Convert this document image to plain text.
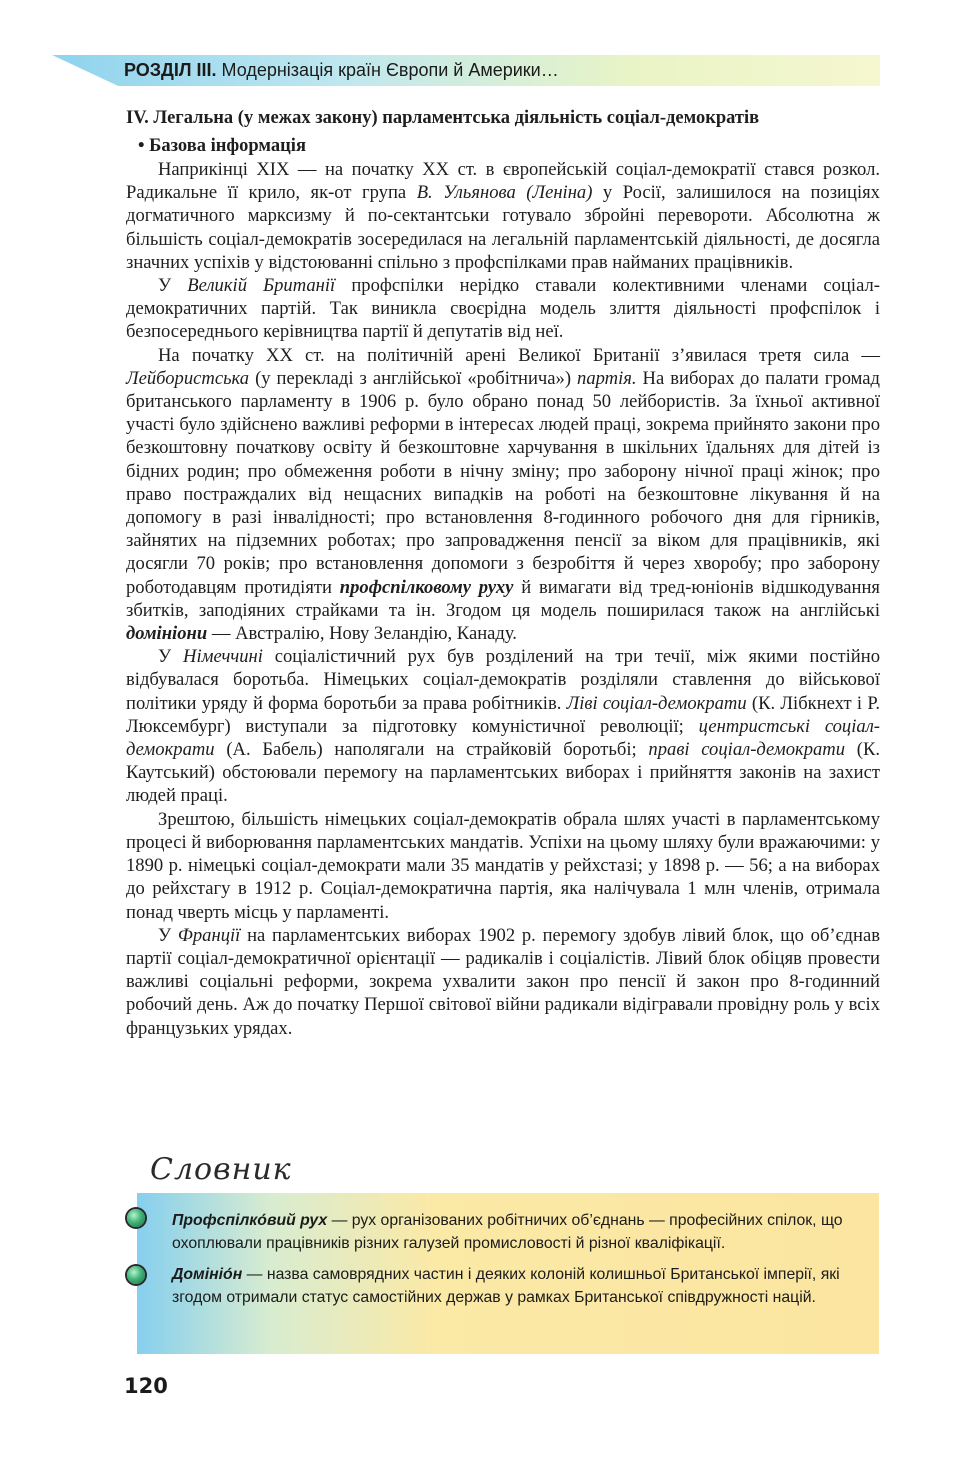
РОЗДІЛ ІІІ. Модернізація країн Європи й Америки…

IV. Легальна (у межах закону) парламентська діяльність соціал-демократів

• Базова інформація

Наприкінці XIX — на початку XX ст. в європейській соціал-демократії стався розкол. Радикальне її крило, як-от група В. Ульянова (Леніна) у Росії, залишилося на позиціях догматичного марксизму й по-сектантськи готувало збройні перевороти. Абсолютна ж більшість соціал-демократів зосередилася на легальній парламентській діяльності, де досягла значних успіхів у відстоюванні спільно з профспілками прав найманих працівників.

У Великій Британії профспілки нерідко ставали колективними членами соціал-демократичних партій. Так виникла своєрідна модель злиття діяльності профспілок і безпосереднього керівництва партії й депутатів від неї.

На початку XX ст. на політичній арені Великої Британії з’явилася третя сила — Лейбористська (у перекладі з англійської «робітнича») партія. На виборах до палати громад британського парламенту в 1906 р. було обрано понад 50 лейбористів. За їхньої активної участі було здійснено важливі реформи в інтересах людей праці, зокрема прийнято закони про безкоштовну початкову освіту й безкоштовне харчування в шкільних їдальнях для дітей із бідних родин; про обмеження роботи в нічну зміну; про заборону нічної праці жінок; про право постраждалих від нещасних випадків на роботі на безкоштовне лікування й на допомогу в разі інвалідності; про встановлення 8-годинного робочого дня для гірників, зайнятих на підземних роботах; про запровадження пенсії за віком для працівників, які досягли 70 років; про встановлення допомоги з безробіття й через хворобу; про заборону роботодавцям протидіяти профспілковому руху й вимагати від тред-юніонів відшкодування збитків, заподіяних страйками та ін. Згодом ця модель поширилася також на англійські домініони — Австралію, Нову Зеландію, Канаду.

У Німеччині соціалістичний рух був розділений на три течії, між якими постійно відбувалася боротьба. Німецьких соціал-демократів розділяли ставлення до військової політики уряду й форма боротьби за права робітників. Ліві соціал-демократи (К. Лібкнехт і Р. Люксембург) виступали за підготовку комуністичної революції; центристські соціал-демократи (А. Бабель) наполягали на страйковій боротьбі; праві соціал-демократи (К. Каутський) обстоювали перемогу на парламентських виборах і прийняття законів на захист людей праці.

Зрештою, більшість німецьких соціал-демократів обрала шлях участі в парламентському процесі й виборювання парламентських мандатів. Успіхи на цьому шляху були вражаючими: у 1890 р. німецькі соціал-демократи мали 35 мандатів у рейхстазі; у 1898 р. — 56; а на виборах до рейхстагу в 1912 р. Соціал-демократична партія, яка налічувала 1 млн членів, отримала понад чверть місць у парламенті.

У Франції на парламентських виборах 1902 р. перемогу здобув лівий блок, що об’єднав партії соціал-демократичної орієнтації — радикалів і соціалістів. Лівий блок обіцяв провести важливі соціальні реформи, зокрема ухвалити закон про пенсії й закон про 8-годинний робочий день. Аж до початку Першої світової війни радикали відігравали провідну роль у всіх французьких урядах.

Словник
Профспілко́вий рух — рух організованих робітничих об’єднань — професійних спілок, що охоплювали працівників різних галузей промисловості й різної кваліфікації.
Домініо́н — назва самоврядних частин і деяких колоній колишньої Британської імперії, які згодом отримали статус самостійних держав у рамках Британської співдружності націй.
120
